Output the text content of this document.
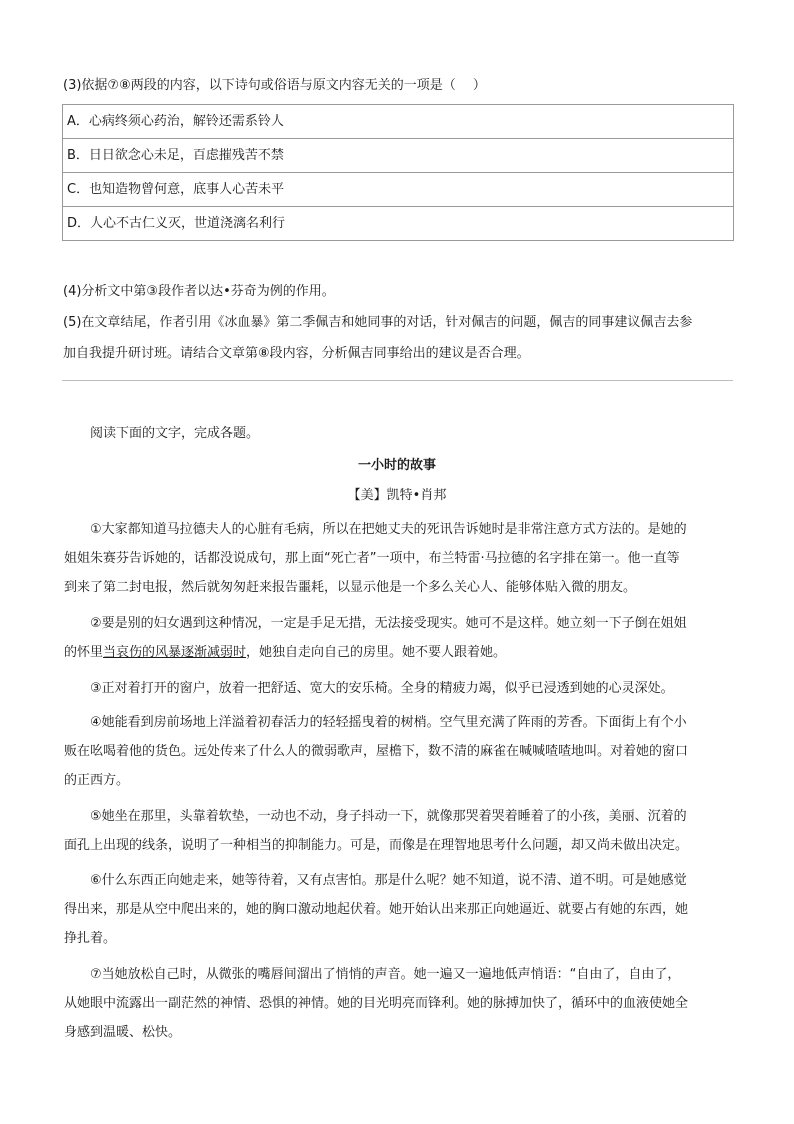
(3)依据⑦⑧两段的内容，以下诗句或俗语与原文内容无关的一项是（　 ）
A．心病终须心药治，解铃还需系铃人
B．日日欲念心未足，百虑摧残苦不禁
C．也知造物曾何意，底事人心苦未平
D．人心不古仁义灭，世道浇漓名利行
(4)分析文中第③段作者以达•芬奇为例的作用。
(5)在文章结尾，作者引用《冰血暴》第二季佩吉和她同事的对话，针对佩吉的问题，佩吉的同事建议佩吉去参
加自我提升研讨班。请结合文章第⑧段内容，分析佩吉同事给出的建议是否合理。
阅读下面的文字，完成各题。
一小时的故事
【美】凯特•肖邦
①大家都知道马拉德夫人的心脏有毛病，所以在把她丈夫的死讯告诉她时是非常注意方式方法的。是她的
姐姐朱赛芬告诉她的，话都没说成句，那上面“死亡者”一项中，布兰特雷·马拉德的名字排在第一。他一直等
到来了第二封电报，然后就匆匆赶来报告噩耗，以显示他是一个多么关心人、能够体贴入微的朋友。
②要是别的妇女遇到这种情况，一定是手足无措，无法接受现实。她可不是这样。她立刻一下子倒在姐姐
的怀里当哀伤的风暴逐渐减弱时，她独自走向自己的房里。她不要人跟着她。
③正对着打开的窗户，放着一把舒适、宽大的安乐椅。全身的精疲力竭，似乎已浸透到她的心灵深处。
④她能看到房前场地上洋溢着初春活力的轻轻摇曳着的树梢。空气里充满了阵雨的芳香。下面街上有个小
贩在吆喝着他的货色。远处传来了什么人的微弱歌声，屋檐下，数不清的麻雀在喊喊喳喳地叫。对着她的窗口
的正西方。
⑤她坐在那里，头靠着软垫，一动也不动，身子抖动一下，就像那哭着哭着睡着了的小孩，美丽、沉着的
面孔上出现的线条，说明了一种相当的抑制能力。可是，而像是在理智地思考什么问题，却又尚未做出决定。
⑥什么东西正向她走来，她等待着，又有点害怕。那是什么呢？她不知道，说不清、道不明。可是她感觉
得出来，那是从空中爬出来的，她的胸口激动地起伏着。她开始认出来那正向她逼近、就要占有她的东西，她
挣扎着。
⑦当她放松自己时，从微张的嘴唇间溜出了悄悄的声音。她一遍又一遍地低声悄语：“自由了，自由了，
从她眼中流露出一副茫然的神情、恐惧的神情。她的目光明亮而锋利。她的脉搏加快了，循环中的血液使她全
身感到温暖、松快。
